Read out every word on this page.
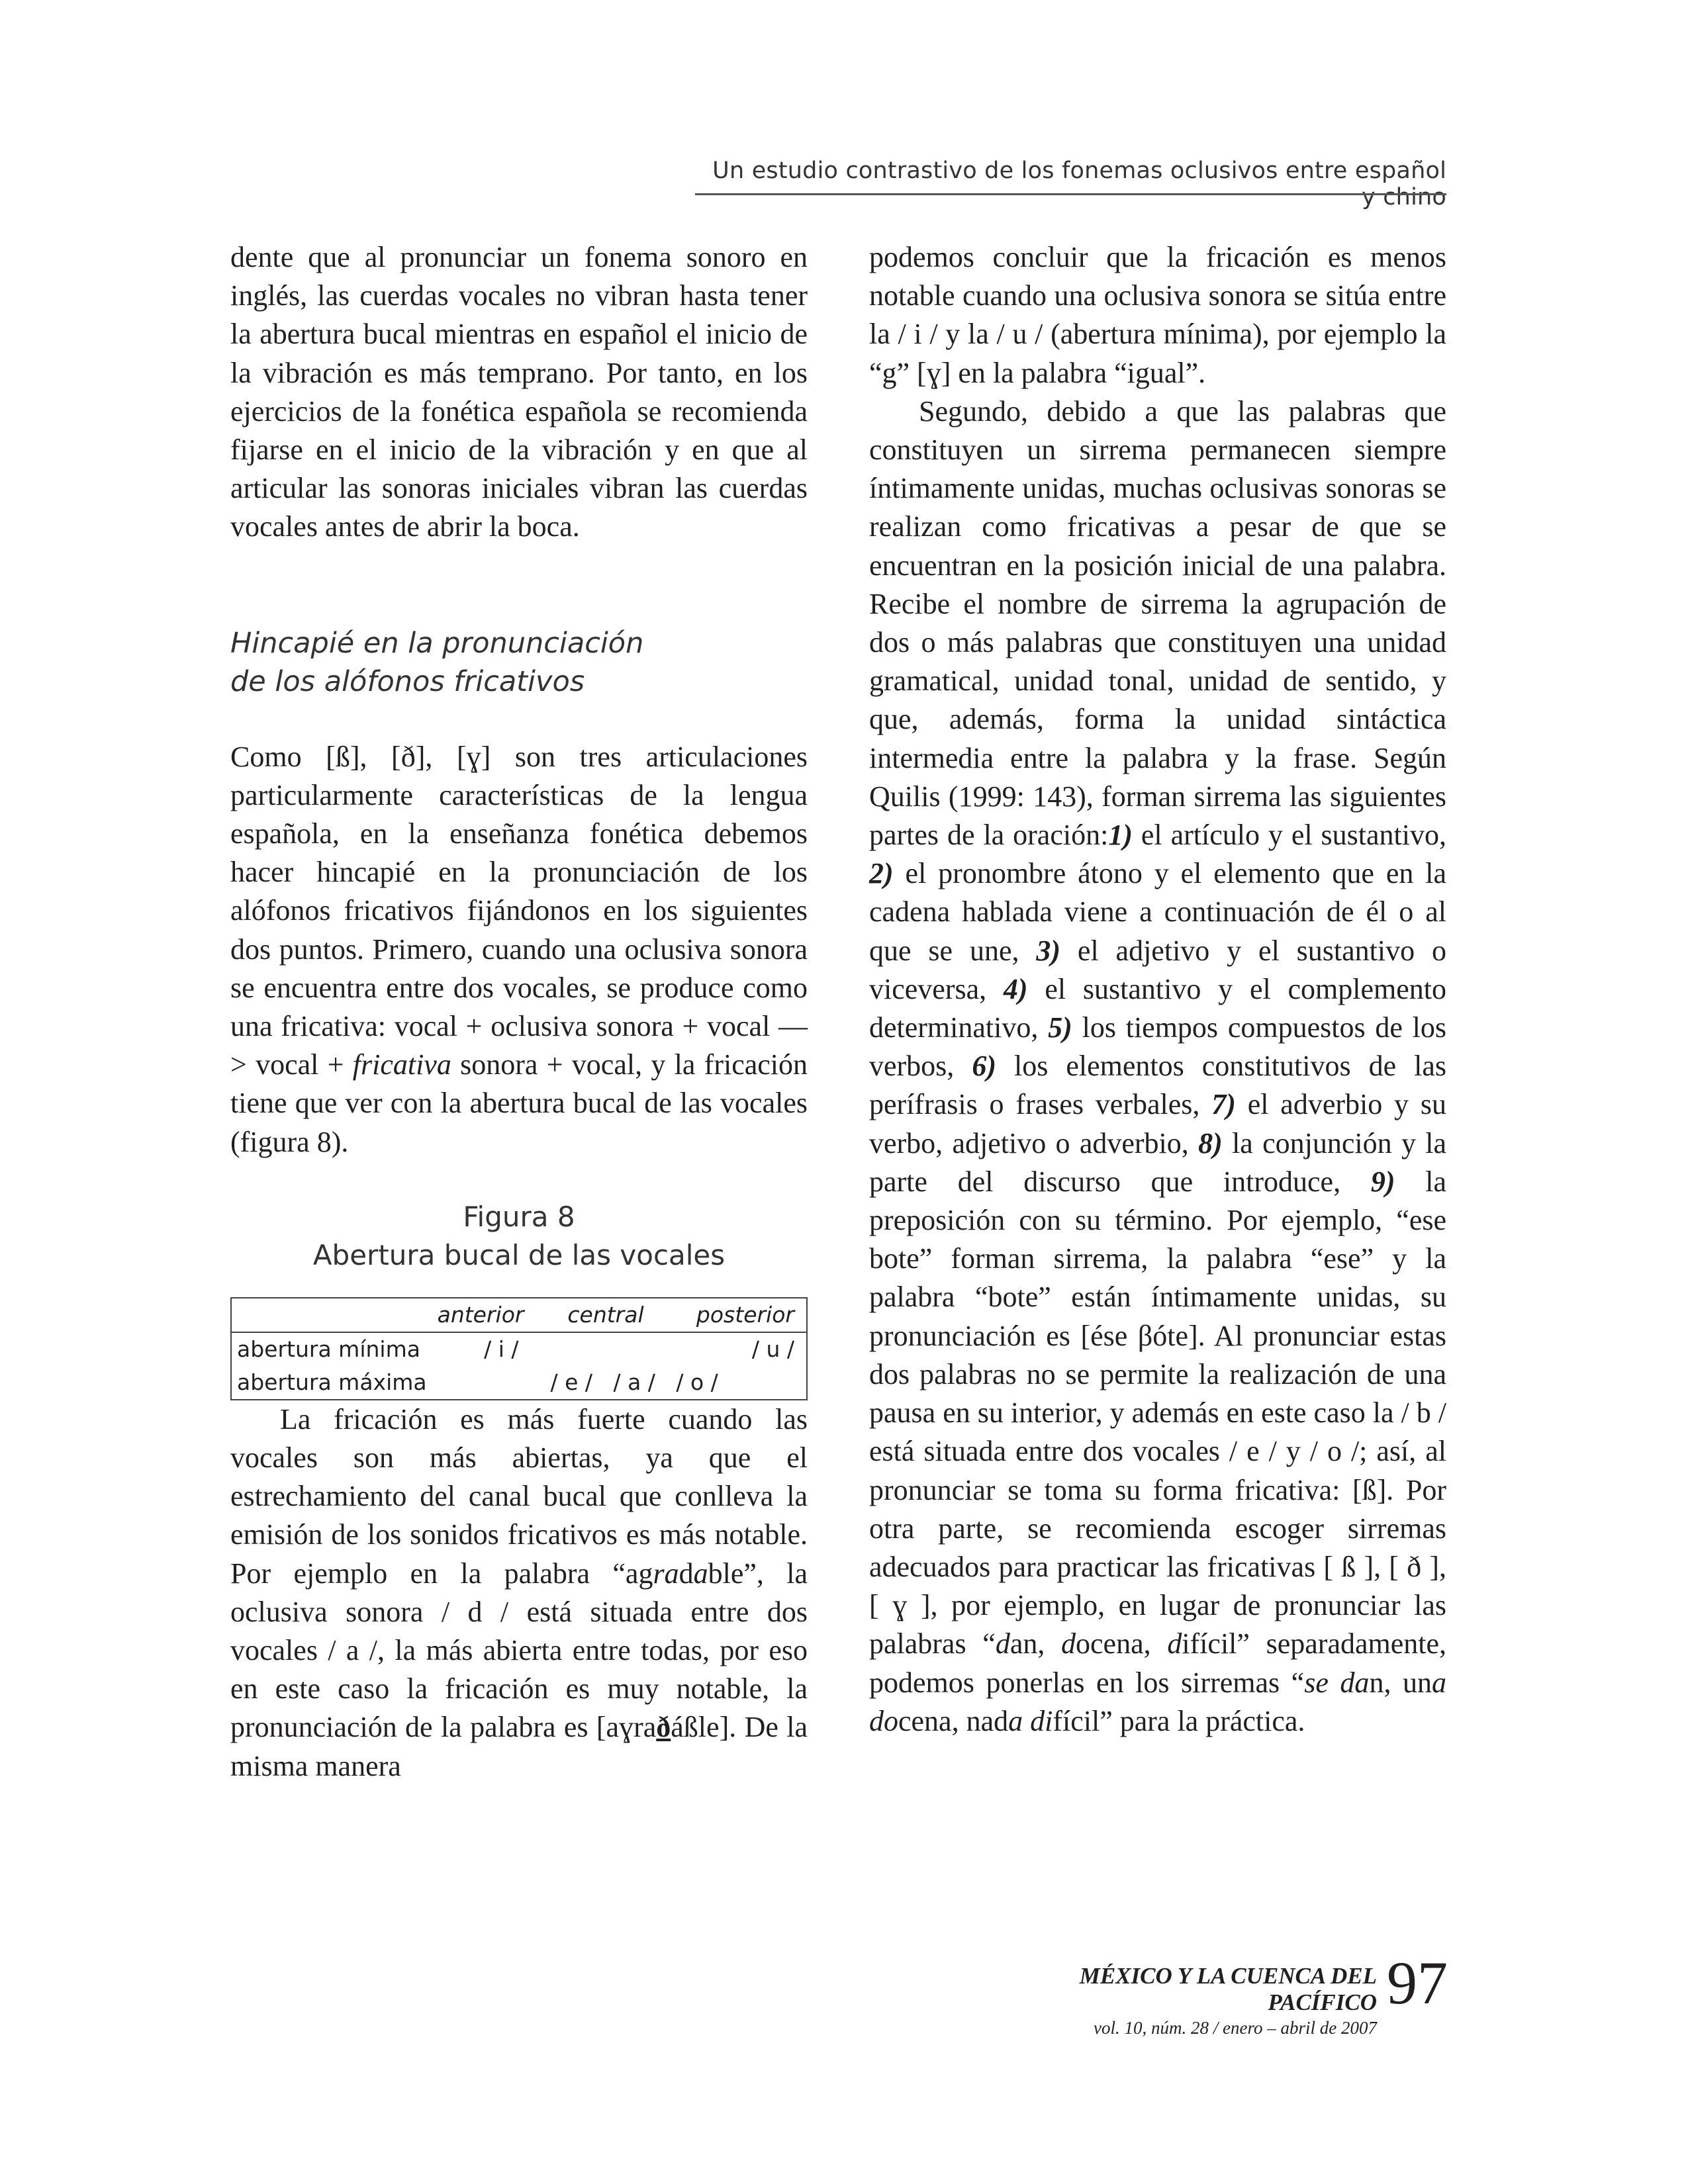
Un estudio contrastivo de los fonemas oclusivos entre español y chino

dente que al pronunciar un fonema sonoro en inglés, las cuerdas vocales no vibran hasta tener la abertura bucal mientras en español el inicio de la vibración es más temprano. Por tanto, en los ejercicios de la fonética española se recomienda fijarse en el inicio de la vibración y en que al articular las sonoras iniciales vibran las cuerdas vocales antes de abrir la boca.

Hincapié en la pronunciación
de los alófonos fricativos

Como [ß], [ð], [ɣ] son tres articulaciones particularmente características de la lengua española, en la enseñanza fonética debemos hacer hincapié en la pronunciación de los alófonos fricativos fijándonos en los siguientes dos puntos. Primero, cuando una oclusiva sonora se encuentra entre dos vocales, se produce como una fricativa: vocal + oclusiva sonora + vocal —> vocal + fricativa sonora + vocal, y la fricación tiene que ver con la abertura bucal de las vocales (figura 8).

Figura 8
Abertura bucal de las vocales
	anterior	central	posterior
abertura mínima	/ i /		/ u /
abertura máxima		/ e /   / a /   / o /	

La fricación es más fuerte cuando las vocales son más abiertas, ya que el estrechamiento del canal bucal que conlleva la emisión de los sonidos fricativos es más notable. Por ejemplo en la palabra “agradable”, la oclusiva sonora / d / está situada entre dos vocales / a /, la más abierta entre todas, por eso en este caso la fricación es muy notable, la pronunciación de la palabra es [aɣraðáßle]. De la misma manera

podemos concluir que la fricación es menos notable cuando una oclusiva sonora se sitúa entre la / i / y la / u / (abertura mínima), por ejemplo la “g” [ɣ] en la palabra “igual”.

Segundo, debido a que las palabras que constituyen un sirrema permanecen siempre íntimamente unidas, muchas oclusivas sonoras se realizan como fricativas a pesar de que se encuentran en la posición inicial de una palabra. Recibe el nombre de sirrema la agrupación de dos o más palabras que constituyen una unidad gramatical, unidad tonal, unidad de sentido, y que, además, forma la unidad sintáctica intermedia entre la palabra y la frase. Según Quilis (1999: 143), forman sirrema las siguientes partes de la oración:1) el artículo y el sustantivo, 2) el pronombre átono y el elemento que en la cadena hablada viene a continuación de él o al que se une, 3) el adjetivo y el sustantivo o viceversa, 4) el sustantivo y el complemento determinativo, 5) los tiempos compuestos de los verbos, 6) los elementos constitutivos de las perífrasis o frases verbales, 7) el adverbio y su verbo, adjetivo o adverbio, 8) la conjunción y la parte del discurso que introduce, 9) la preposición con su término. Por ejemplo, “ese bote” forman sirrema, la palabra “ese” y la palabra “bote” están íntimamente unidas, su pronunciación es [ése βóte]. Al pronunciar estas dos palabras no se permite la realización de una pausa en su interior, y además en este caso la / b / está situada entre dos vocales / e / y / o /; así, al pronunciar se toma su forma fricativa: [ß]. Por otra parte, se recomienda escoger sirremas adecuados para practicar las fricativas [ ß ], [ ð ], [ ɣ ], por ejemplo, en lugar de pronunciar las palabras “dan, docena, difícil” separadamente, podemos ponerlas en los sirremas “se dan, una docena, nada difícil” para la práctica.

MÉXICO Y LA CUENCA DEL PACÍFICO
vol. 10, núm. 28 / enero – abril de 2007
97
